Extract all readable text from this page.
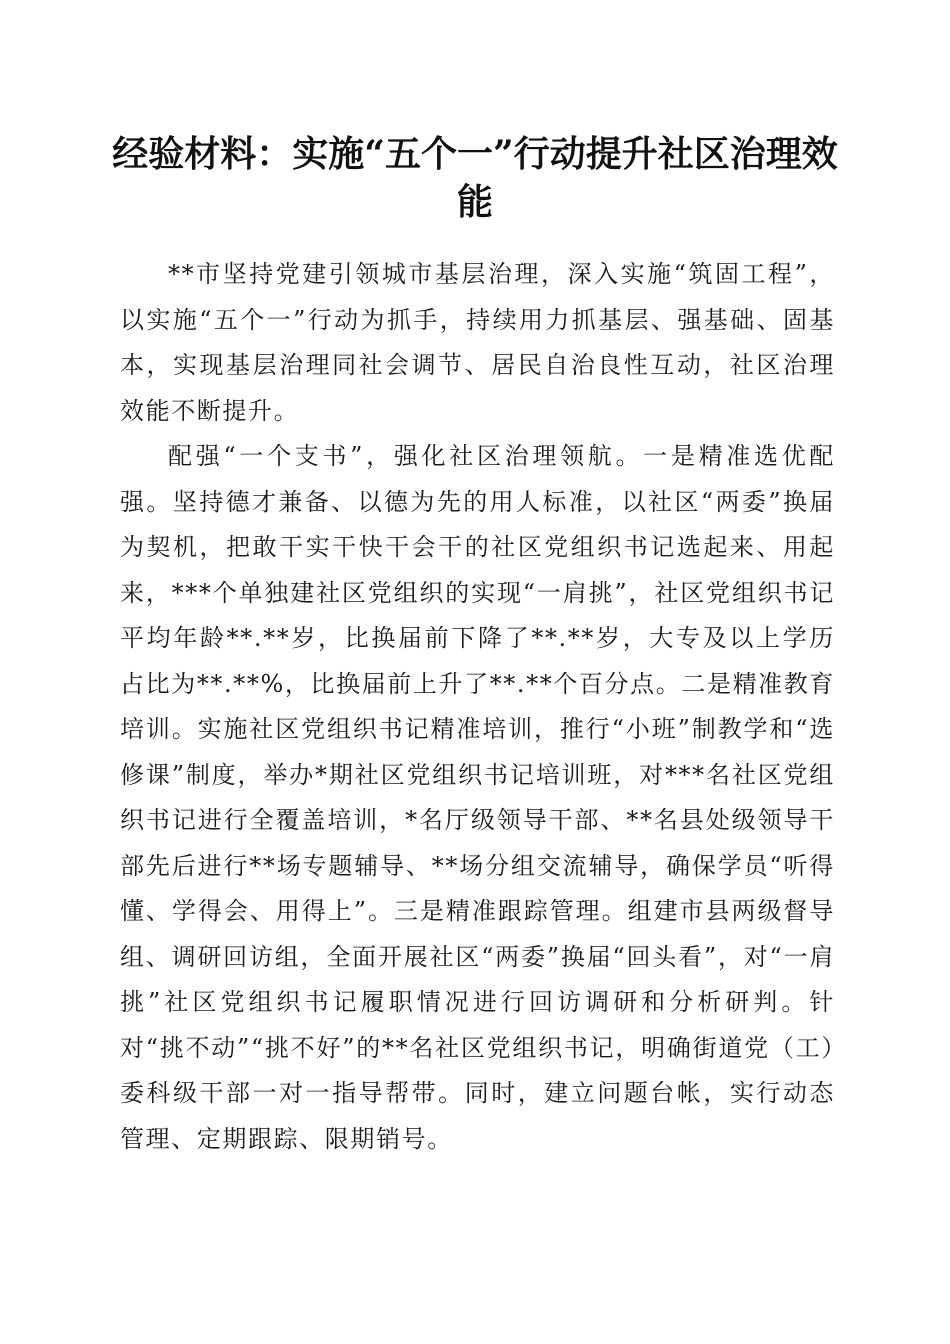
经验材料：实施“五个一”行动提升社区治理效能

**市坚持党建引领城市基层治理，深入实施“筑固工程”，以实施“五个一”行动为抓手，持续用力抓基层、强基础、固基本，实现基层治理同社会调节、居民自治良性互动，社区治理效能不断提升。

配强“一个支书”，强化社区治理领航。一是精准选优配强。坚持德才兼备、以德为先的用人标准，以社区“两委”换届为契机，把敢干实干快干会干的社区党组织书记选起来、用起来，***个单独建社区党组织的实现“一肩挑”，社区党组织书记平均年龄**.**岁，比换届前下降了**.**岁，大专及以上学历占比为**.**%，比换届前上升了**.**个百分点。二是精准教育培训。实施社区党组织书记精准培训，推行“小班”制教学和“选修课”制度，举办*期社区党组织书记培训班，对***名社区党组织书记进行全覆盖培训，*名厅级领导干部、**名县处级领导干部先后进行**场专题辅导、**场分组交流辅导，确保学员“听得懂、学得会、用得上”。三是精准跟踪管理。组建市县两级督导组、调研回访组，全面开展社区“两委”换届“回头看”，对“一肩挑”社区党组织书记履职情况进行回访调研和分析研判。针对“挑不动”“挑不好”的**名社区党组织书记，明确街道党（工）委科级干部一对一指导帮带。同时，建立问题台帐，实行动态管理、定期跟踪、限期销号。
